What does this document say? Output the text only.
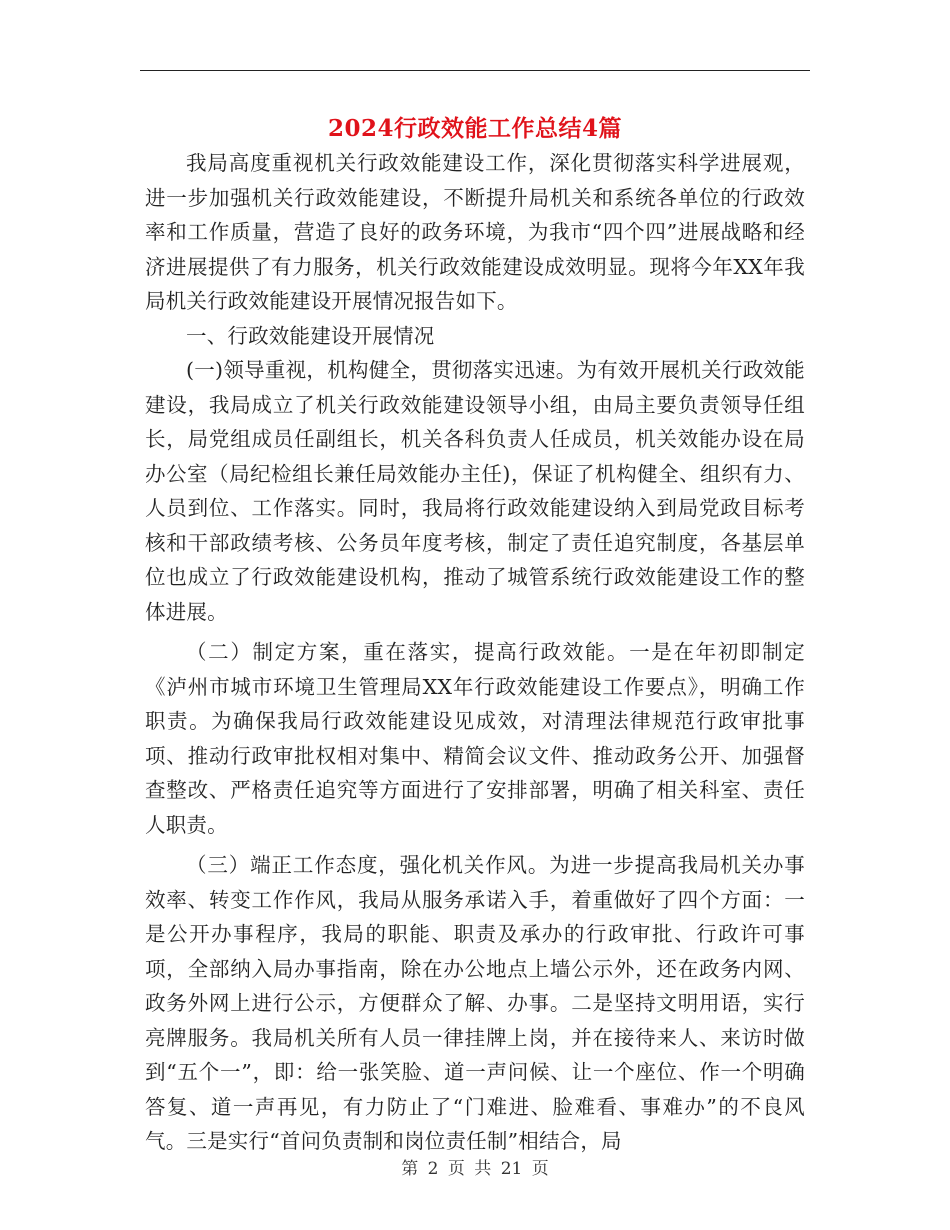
2024行政效能工作总结4篇

我局高度重视机关行政效能建设工作，深化贯彻落实科学进展观，进一步加强机关行政效能建设，不断提升局机关和系统各单位的行政效率和工作质量，营造了良好的政务环境，为我市“四个四”进展战略和经济进展提供了有力服务，机关行政效能建设成效明显。现将今年XX年我局机关行政效能建设开展情况报告如下。

一、行政效能建设开展情况

(一)领导重视，机构健全，贯彻落实迅速。为有效开展机关行政效能建设，我局成立了机关行政效能建设领导小组，由局主要负责领导任组长，局党组成员任副组长，机关各科负责人任成员，机关效能办设在局办公室（局纪检组长兼任局效能办主任)，保证了机构健全、组织有力、人员到位、工作落实。同时，我局将行政效能建设纳入到局党政目标考核和干部政绩考核、公务员年度考核，制定了责任追究制度，各基层单位也成立了行政效能建设机构，推动了城管系统行政效能建设工作的整体进展。

（二）制定方案，重在落实，提高行政效能。一是在年初即制定《泸州市城市环境卫生管理局XX年行政效能建设工作要点》，明确工作职责。为确保我局行政效能建设见成效，对清理法律规范行政审批事项、推动行政审批权相对集中、精简会议文件、推动政务公开、加强督查整改、严格责任追究等方面进行了安排部署，明确了相关科室、责任人职责。

（三）端正工作态度，强化机关作风。为进一步提高我局机关办事效率、转变工作作风，我局从服务承诺入手，着重做好了四个方面：一是公开办事程序，我局的职能、职责及承办的行政审批、行政许可事项，全部纳入局办事指南，除在办公地点上墙公示外，还在政务内网、政务外网上进行公示，方便群众了解、办事。二是坚持文明用语，实行亮牌服务。我局机关所有人员一律挂牌上岗，并在接待来人、来访时做到“五个一”，即：给一张笑脸、道一声问候、让一个座位、作一个明确答复、道一声再见，有力防止了“门难进、脸难看、事难办”的不良风气。三是实行“首问负责制和岗位责任制”相结合，局

第 2 页 共 21 页
